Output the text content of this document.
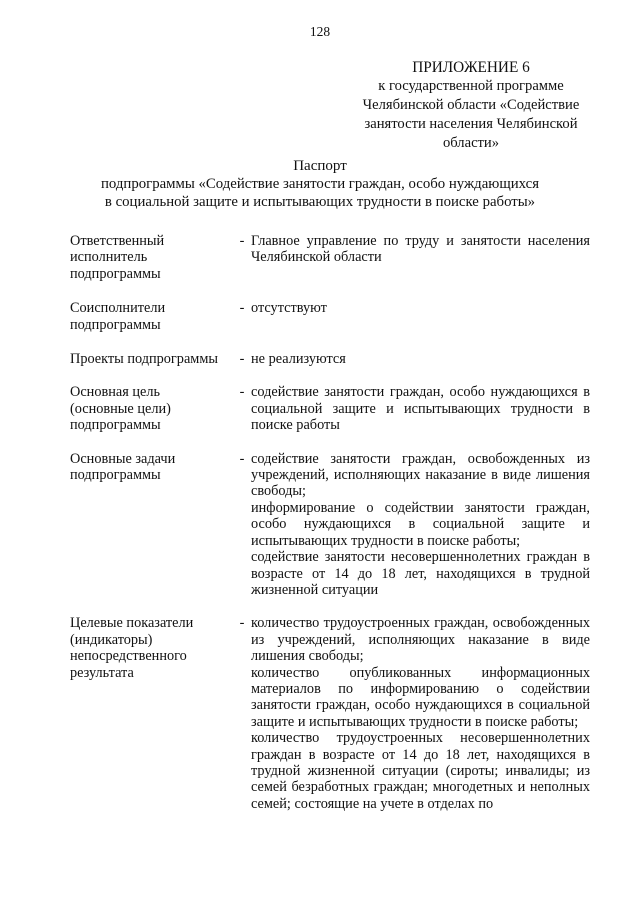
128
ПРИЛОЖЕНИЕ 6
к государственной программе
Челябинской области «Содействие
занятости населения Челябинской
области»
Паспорт
подпрограммы «Содействие занятости граждан, особо нуждающихся
в социальной защите и испытывающих трудности в поиске работы»
Ответственный
исполнитель
подпрограммы
- Главное управление по труду и занятости населения Челябинской области
Соисполнители
подпрограммы
- отсутствуют
Проекты подпрограммы	- не реализуются
Основная цель
(основные цели)
подпрограммы
- содействие занятости граждан, особо нуждающихся в социальной защите и испытывающих трудности в поиске работы
Основные задачи
подпрограммы
- содействие занятости граждан, освобожденных из учреждений, исполняющих наказание в виде лишения свободы;
информирование о содействии занятости граждан, особо нуждающихся в социальной защите и испытывающих трудности в поиске работы;
содействие занятости несовершеннолетних граждан в возрасте от 14 до 18 лет, находящихся в трудной жизненной ситуации
Целевые показатели
(индикаторы)
непосредственного
результата
- количество трудоустроенных граждан, освобожденных из учреждений, исполняющих наказание в виде лишения свободы;
количество опубликованных информационных материалов по информированию о содействии занятости граждан, особо нуждающихся в социальной защите и испытывающих трудности в поиске работы;
количество трудоустроенных несовершеннолетних граждан в возрасте от 14 до 18 лет, находящихся в трудной жизненной ситуации (сироты; инвалиды; из семей безработных граждан; многодетных и неполных семей; состоящие на учете в отделах по
